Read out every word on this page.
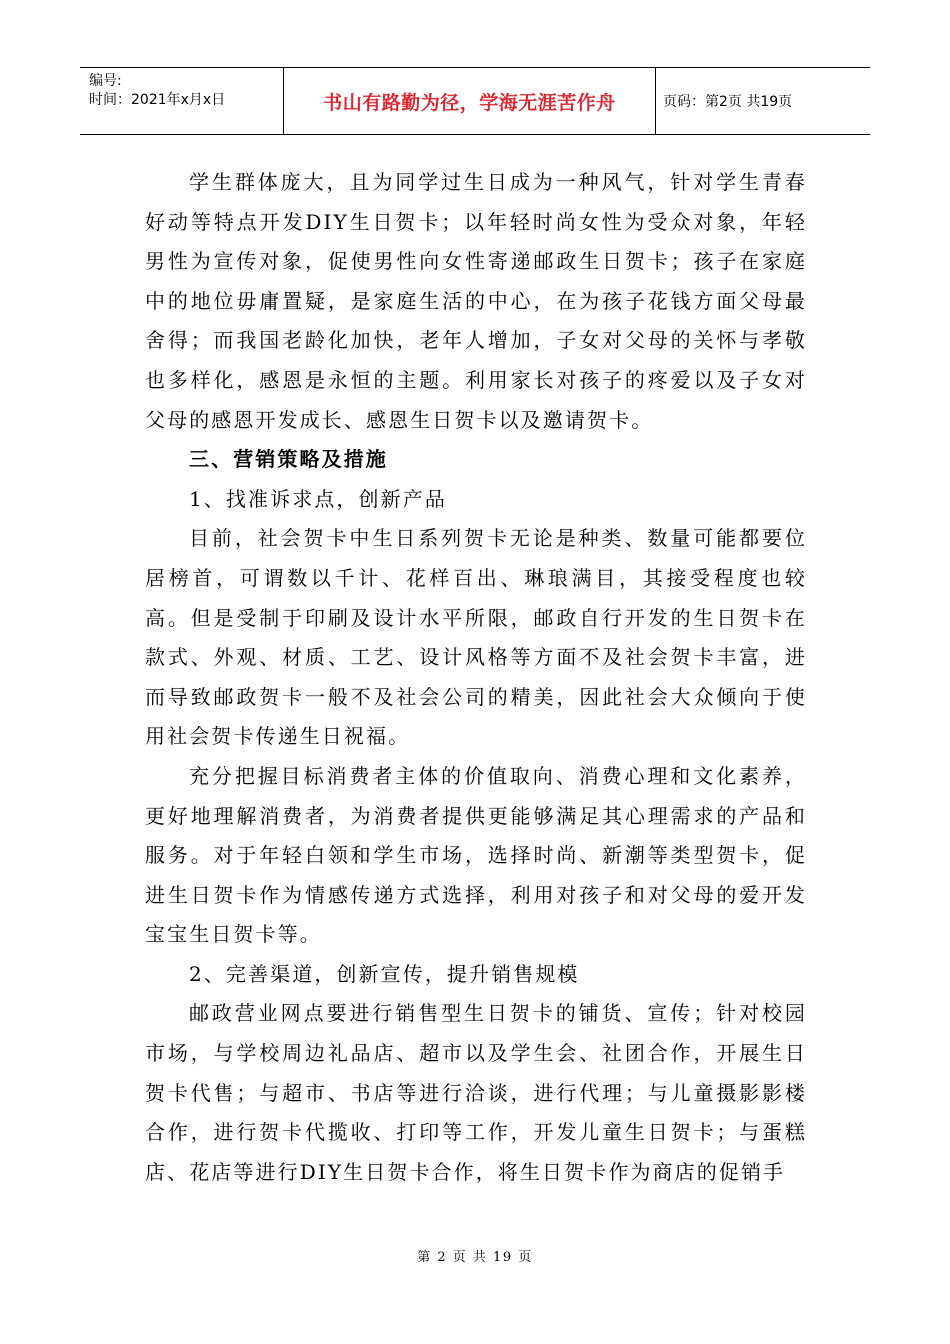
编号:
时间：2021年x月x日	书山有路勤为径，学海无涯苦作舟	页码：第2页 共19页

学生群体庞大，且为同学过生日成为一种风气，针对学生青春好动等特点开发DIY生日贺卡；以年轻时尚女性为受众对象，年轻男性为宣传对象，促使男性向女性寄递邮政生日贺卡；孩子在家庭中的地位毋庸置疑，是家庭生活的中心，在为孩子花钱方面父母最舍得；而我国老龄化加快，老年人增加，子女对父母的关怀与孝敬也多样化，感恩是永恒的主题。利用家长对孩子的疼爱以及子女对父母的感恩开发成长、感恩生日贺卡以及邀请贺卡。

三、营销策略及措施

1、找准诉求点，创新产品

目前，社会贺卡中生日系列贺卡无论是种类、数量可能都要位居榜首，可谓数以千计、花样百出、琳琅满目，其接受程度也较高。但是受制于印刷及设计水平所限，邮政自行开发的生日贺卡在款式、外观、材质、工艺、设计风格等方面不及社会贺卡丰富，进而导致邮政贺卡一般不及社会公司的精美，因此社会大众倾向于使用社会贺卡传递生日祝福。

充分把握目标消费者主体的价值取向、消费心理和文化素养，更好地理解消费者，为消费者提供更能够满足其心理需求的产品和服务。对于年轻白领和学生市场，选择时尚、新潮等类型贺卡，促进生日贺卡作为情感传递方式选择，利用对孩子和对父母的爱开发宝宝生日贺卡等。

2、完善渠道，创新宣传，提升销售规模

邮政营业网点要进行销售型生日贺卡的铺货、宣传；针对校园市场，与学校周边礼品店、超市以及学生会、社团合作，开展生日贺卡代售；与超市、书店等进行洽谈，进行代理；与儿童摄影影楼合作，进行贺卡代揽收、打印等工作，开发儿童生日贺卡；与蛋糕店、花店等进行DIY生日贺卡合作，将生日贺卡作为商店的促销手

第 2 页 共 19 页
